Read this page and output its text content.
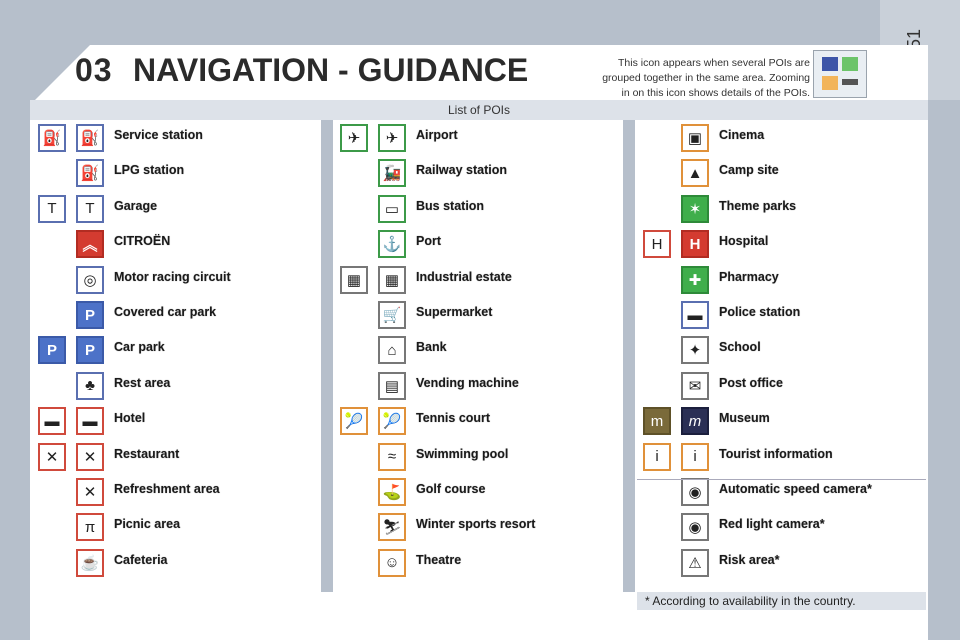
03 NAVIGATION - GUIDANCE	This icon appears when several POIs are grouped together in the same area. Zooming in on this icon shows details of the POIs.
List of POIs
⛽	⛽	Service station
⛽	LPG station
T	T	Garage
︽	CITROËN
◎	Motor racing circuit
P	Covered car park
P	P	Car park
♣	Rest area
▬	▬	Hotel
✕	✕	Restaurant
✕	Refreshment area
π	Picnic area
☕	Cafeteria
✈	✈	Airport
🚂	Railway station
▭	Bus station
⚓	Port
▦	▦	Industrial estate
🛒	Supermarket
⌂	Bank
▤	Vending machine
🎾	🎾	Tennis court
≈	Swimming pool
⛳	Golf course
⛷	Winter sports resort
☺	Theatre
▣	Cinema
▲	Camp site
✶	Theme parks
H	H	Hospital
✚	Pharmacy
▬	Police station
✦	School
✉	Post office
m	m	Museum
i	i	Tourist information
◉	Automatic speed camera*
◉	Red light camera*
⚠	Risk area*
* According to availability in the country.
